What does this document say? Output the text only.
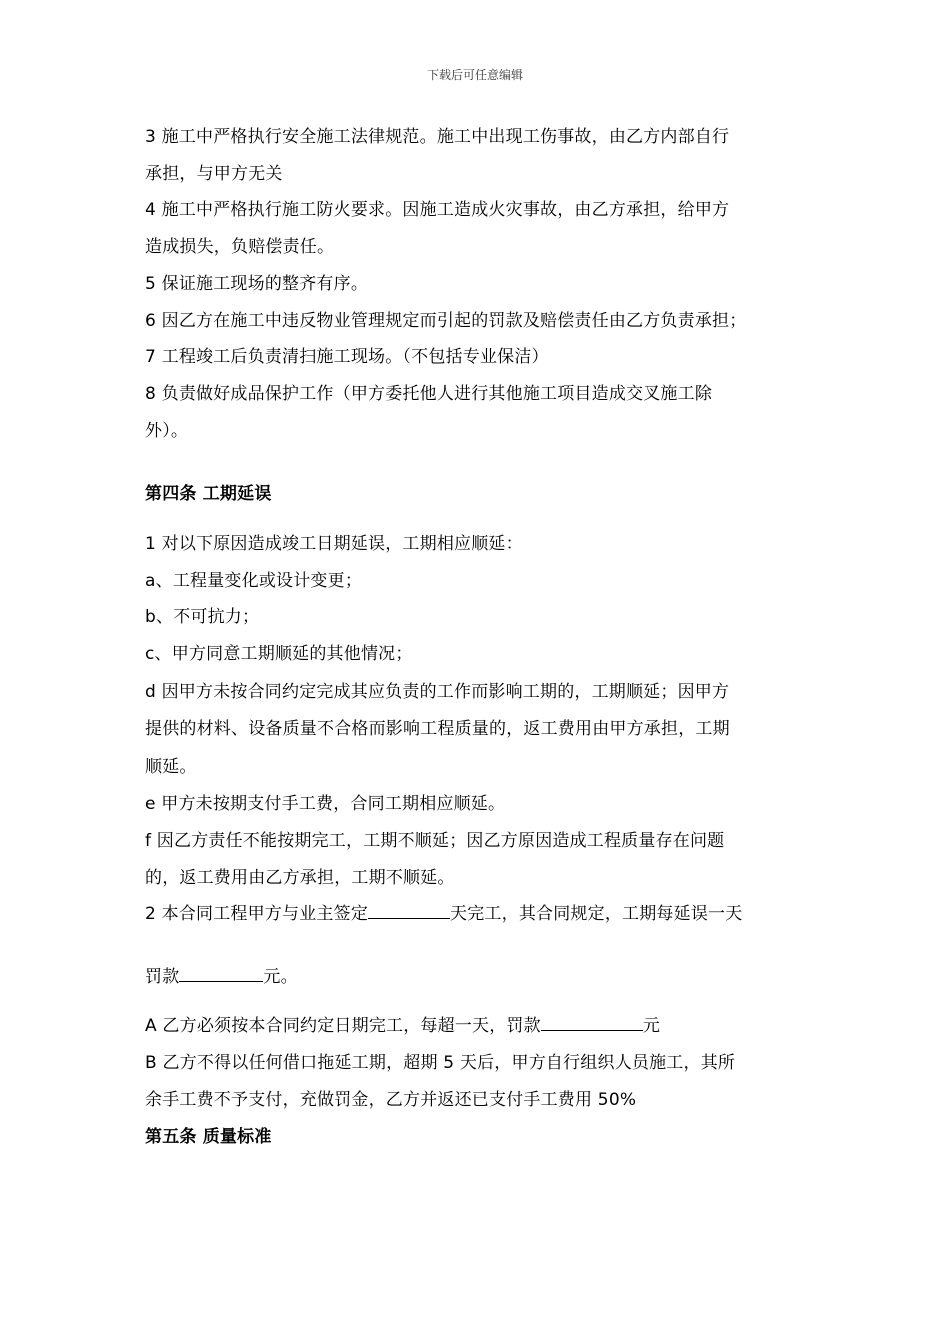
下载后可任意编辑
3 施工中严格执行安全施工法律规范。施工中出现工伤事故，由乙方内部自行
承担，与甲方无关
4 施工中严格执行施工防火要求。因施工造成火灾事故，由乙方承担，给甲方
造成损失，负赔偿责任。
5 保证施工现场的整齐有序。
6 因乙方在施工中违反物业管理规定而引起的罚款及赔偿责任由乙方负责承担；
7 工程竣工后负责清扫施工现场。（不包括专业保洁）
8 负责做好成品保护工作（甲方委托他人进行其他施工项目造成交叉施工除
外）。
第四条 工期延误
1 对以下原因造成竣工日期延误，工期相应顺延：
a、工程量变化或设计变更；
b、不可抗力；
c、甲方同意工期顺延的其他情况；
d 因甲方未按合同约定完成其应负责的工作而影响工期的，工期顺延；因甲方
提供的材料、设备质量不合格而影响工程质量的，返工费用由甲方承担，工期
顺延。
e 甲方未按期支付手工费，合同工期相应顺延。
f 因乙方责任不能按期完工，工期不顺延；因乙方原因造成工程质量存在问题
的，返工费用由乙方承担，工期不顺延。
2 本合同工程甲方与业主签定	天完工，其合同规定，工期每延误一天
罚款	元。
A 乙方必须按本合同约定日期完工，每超一天，罚款	元
B 乙方不得以任何借口拖延工期，超期 5 天后，甲方自行组织人员施工，其所
余手工费不予支付，充做罚金，乙方并返还已支付手工费用 50%
第五条 质量标准
